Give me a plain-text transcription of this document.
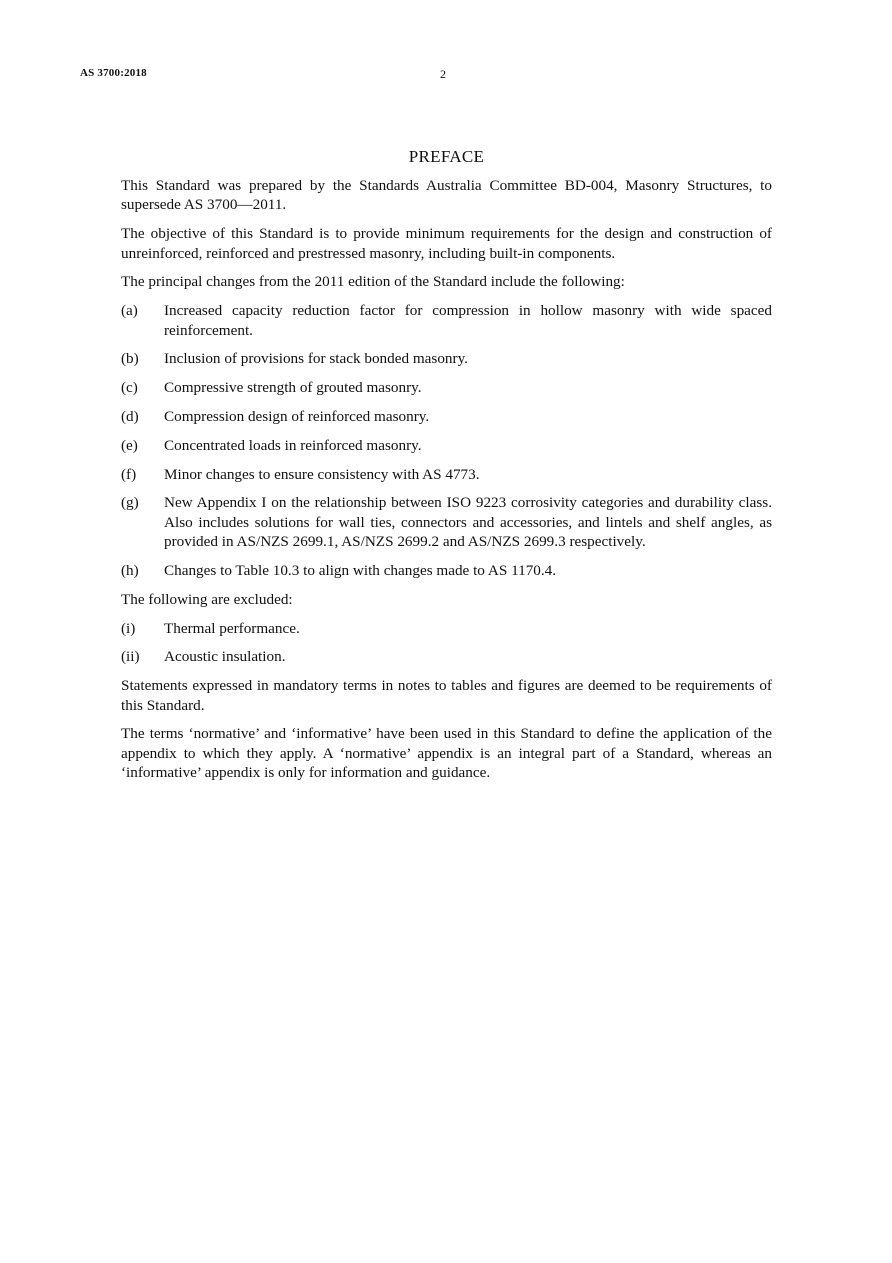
AS 3700:2018	2
PREFACE

This Standard was prepared by the Standards Australia Committee BD-004, Masonry Structures, to supersede AS 3700—2011.

The objective of this Standard is to provide minimum requirements for the design and construction of unreinforced, reinforced and prestressed masonry, including built-in components.

The principal changes from the 2011 edition of the Standard include the following:

(a)	Increased capacity reduction factor for compression in hollow masonry with wide spaced reinforcement.
(b)	Inclusion of provisions for stack bonded masonry.
(c)	Compressive strength of grouted masonry.
(d)	Compression design of reinforced masonry.
(e)	Concentrated loads in reinforced masonry.
(f)	Minor changes to ensure consistency with AS 4773.
(g)	New Appendix I on the relationship between ISO 9223 corrosivity categories and durability class. Also includes solutions for wall ties, connectors and accessories, and lintels and shelf angles, as provided in AS/NZS 2699.1, AS/NZS 2699.2 and AS/NZS 2699.3 respectively.
(h)	Changes to Table 10.3 to align with changes made to AS 1170.4.

The following are excluded:

(i)	Thermal performance.
(ii)	Acoustic insulation.

Statements expressed in mandatory terms in notes to tables and figures are deemed to be requirements of this Standard.

The terms ‘normative’ and ‘informative’ have been used in this Standard to define the application of the appendix to which they apply. A ‘normative’ appendix is an integral part of a Standard, whereas an ‘informative’ appendix is only for information and guidance.
